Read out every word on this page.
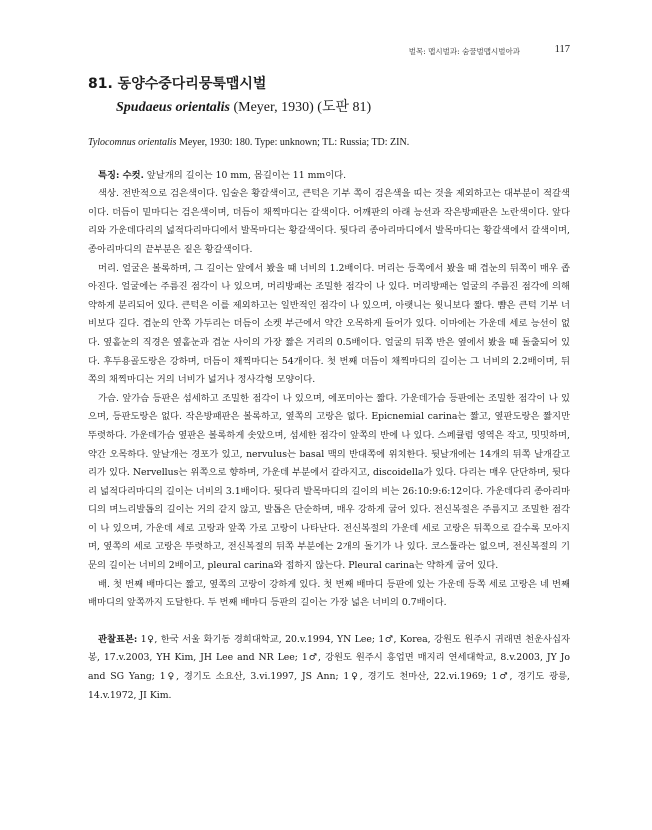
벌목: 맵시벌과: 숨꿀벌맵시벌아과	117
81. 동양수중다리뭉툭맵시벌
Spudaeus orientalis (Meyer, 1930) (도판 81)

Tylocomnus orientalis Meyer, 1930: 180. Type: unknown; TL: Russia; TD: ZIN.

특징: 수컷. 앞날개의 길이는 10 mm, 몸길이는 11 mm이다.

색상. 전반적으로 검은색이다. 입술은 황갈색이고, 큰턱은 기부 쪽이 검은색을 띠는 것을 제외하고는 대부분이 적갈색이다. 더듬이 밑마디는 검은색이며, 더듬이 채찍마디는 갈색이다. 어깨판의 아래 능선과 작은방패판은 노란색이다. 앞다리와 가운데다리의 넓적다리마디에서 발목마디는 황갈색이다. 뒷다리 종아리마디에서 발목마디는 황갈색에서 갈색이며, 종아리마디의 끝부분은 짙은 황갈색이다.

머리. 얼굴은 볼록하며, 그 길이는 앞에서 봤을 때 너비의 1.2배이다. 머리는 등쪽에서 봤을 때 겹눈의 뒤쪽이 매우 좁아진다. 얼굴에는 주름진 점각이 나 있으며, 머리방패는 조밀한 점각이 나 있다. 머리방패는 얼굴의 주름진 점각에 의해 약하게 분리되어 있다. 큰턱은 이를 제외하고는 일반적인 점각이 나 있으며, 아랫니는 윗니보다 짧다. 뺨은 큰턱 기부 너비보다 길다. 겹눈의 안쪽 가두리는 더듬이 소켓 부근에서 약간 오목하게 들어가 있다. 이마에는 가운데 세로 능선이 없다. 옆홑눈의 직경은 옆홑눈과 겹눈 사이의 가장 짧은 거리의 0.5배이다. 얼굴의 뒤쪽 반은 옆에서 봤을 때 돌출되어 있다. 후두용골도랑은 강하며, 더듬이 채찍마디는 54개이다. 첫 번째 더듬이 채찍마디의 길이는 그 너비의 2.2배이며, 뒤쪽의 채찍마디는 거의 너비가 넓거나 정사각형 모양이다.

가슴. 앞가슴 등판은 섬세하고 조밀한 점각이 나 있으며, 에포미아는 짧다. 가운데가슴 등판에는 조밀한 점각이 나 있으며, 등판도랑은 없다. 작은방패판은 볼록하고, 옆쪽의 고랑은 없다. Epicnemial carina는 짧고, 옆판도랑은 짧지만 뚜렷하다. 가운데가슴 옆판은 볼록하게 솟았으며, 섬세한 점각이 앞쪽의 반에 나 있다. 스페큘럼 영역은 작고, 밋밋하며, 약간 오목하다. 앞날개는 경포가 있고, nervulus는 basal 맥의 반대쪽에 위치한다. 뒷날개에는 14개의 뒤쪽 날개갈고리가 있다. Nervellus는 위쪽으로 향하며, 가운데 부분에서 갈라지고, discoidella가 있다. 다리는 매우 단단하며, 뒷다리 넓적다리마디의 길이는 너비의 3.1배이다. 뒷다리 발목마디의 길이의 비는 26:10:9:6:12이다. 가운데다리 종아리마디의 며느리발톱의 길이는 거의 같지 않고, 발톱은 단순하며, 매우 강하게 굽어 있다. 전신복절은 주름지고 조밀한 점각이 나 있으며, 가운데 세로 고랑과 앞쪽 가로 고랑이 나타난다. 전신복절의 가운데 세로 고랑은 뒤쪽으로 갈수록 모아지며, 옆쪽의 세로 고랑은 뚜렷하고, 전신복절의 뒤쪽 부분에는 2개의 돌기가 나 있다. 코스툴라는 없으며, 전신복절의 기문의 길이는 너비의 2배이고, pleural carina와 접하지 않는다. Pleural carina는 약하게 굽어 있다.

배. 첫 번째 배마디는 짧고, 옆쪽의 고랑이 강하게 있다. 첫 번째 배마디 등판에 있는 가운데 등쪽 세로 고랑은 네 번째 배마디의 앞쪽까지 도달한다. 두 번째 배마디 등판의 길이는 가장 넓은 너비의 0.7배이다.

관찰표본: 1♀, 한국 서울 화기동 경희대학교, 20.v.1994, YN Lee; 1♂, Korea, 강원도 원주시 귀래면 천운사십자봉, 17.v.2003, YH Kim, JH Lee and NR Lee; 1♂, 강원도 원주시 흥업면 매지리 연세대학교, 8.v.2003, JY Jo and SG Yang; 1♀, 경기도 소요산, 3.vi.1997, JS Ann; 1♀, 경기도 천마산, 22.vi.1969; 1♂, 경기도 광릉, 14.v.1972, JI Kim.
